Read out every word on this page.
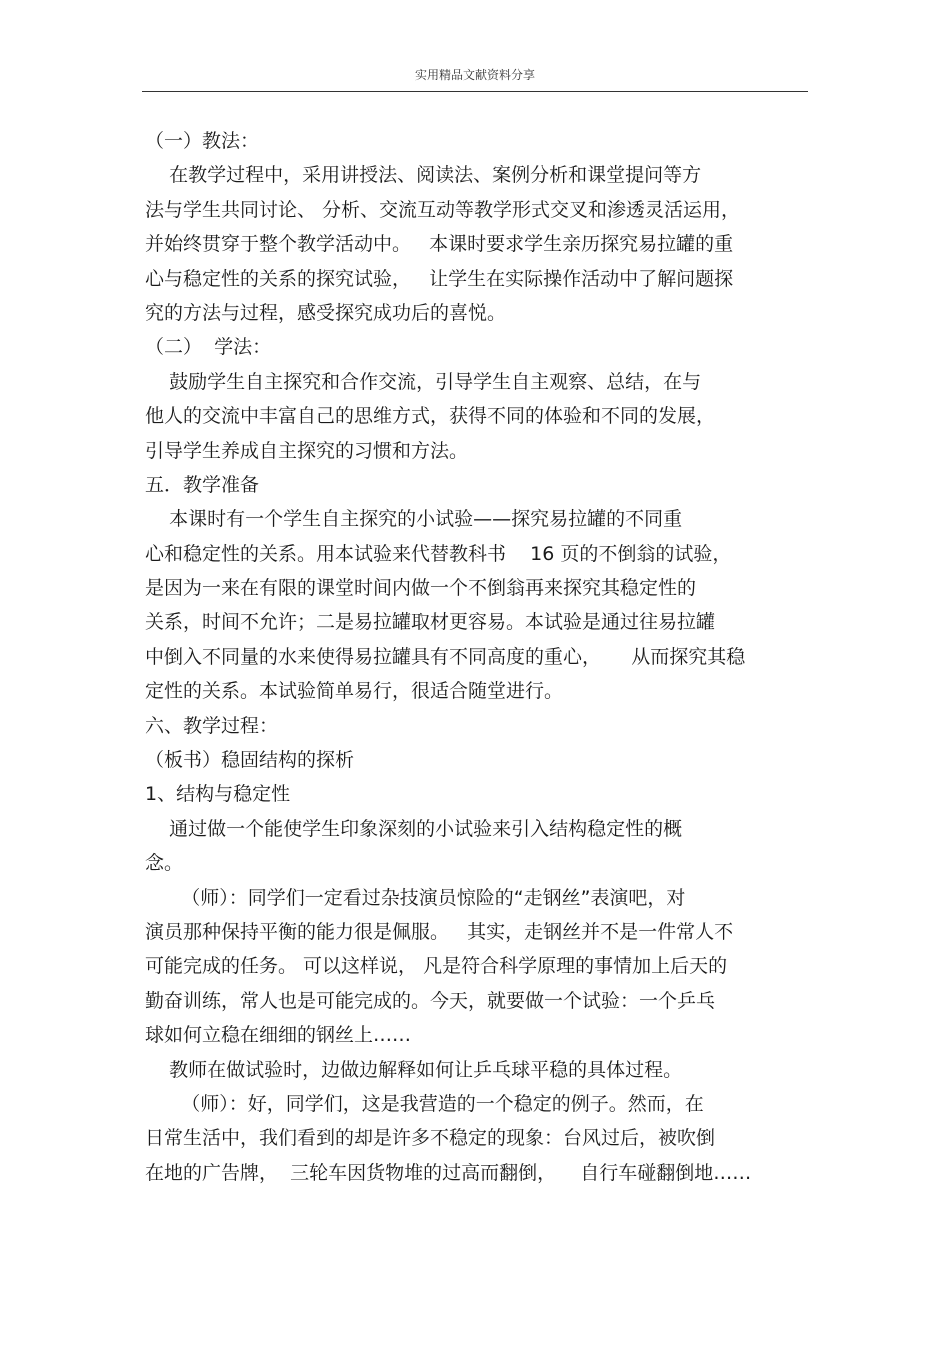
实用精品文献资料分享
（一）教法：
在教学过程中，采用讲授法、阅读法、案例分析和课堂提问等方
法与学生共同讨论、 分析、交流互动等教学形式交叉和渗透灵活运用，
并始终贯穿于整个教学活动中。   本课时要求学生亲历探究易拉罐的重
心与稳定性的关系的探究试验，   让学生在实际操作活动中了解问题探
究的方法与过程，感受探究成功后的喜悦。
（二）  学法：
鼓励学生自主探究和合作交流，引导学生自主观察、总结，在与
他人的交流中丰富自己的思维方式，获得不同的体验和不同的发展，
引导学生养成自主探究的习惯和方法。
五．教学准备
本课时有一个学生自主探究的小试验——探究易拉罐的不同重
心和稳定性的关系。用本试验来代替教科书    16 页的不倒翁的试验，
是因为一来在有限的课堂时间内做一个不倒翁再来探究其稳定性的
关系，时间不允许；二是易拉罐取材更容易。本试验是通过往易拉罐
中倒入不同量的水来使得易拉罐具有不同高度的重心，     从而探究其稳
定性的关系。本试验简单易行，很适合随堂进行。
六、教学过程：
（板书）稳固结构的探析
1、结构与稳定性
通过做一个能使学生印象深刻的小试验来引入结构稳定性的概
念。
（师）：同学们一定看过杂技演员惊险的“走钢丝”表演吧，对
演员那种保持平衡的能力很是佩服。   其实，走钢丝并不是一件常人不
可能完成的任务。 可以这样说， 凡是符合科学原理的事情加上后天的
勤奋训练，常人也是可能完成的。今天，就要做一个试验：一个乒乓
球如何立稳在细细的钢丝上……
教师在做试验时，边做边解释如何让乒乓球平稳的具体过程。
（师）：好，同学们，这是我营造的一个稳定的例子。然而，在
日常生活中，我们看到的却是许多不稳定的现象：台风过后，被吹倒
在地的广告牌，  三轮车因货物堆的过高而翻倒，    自行车碰翻倒地……
